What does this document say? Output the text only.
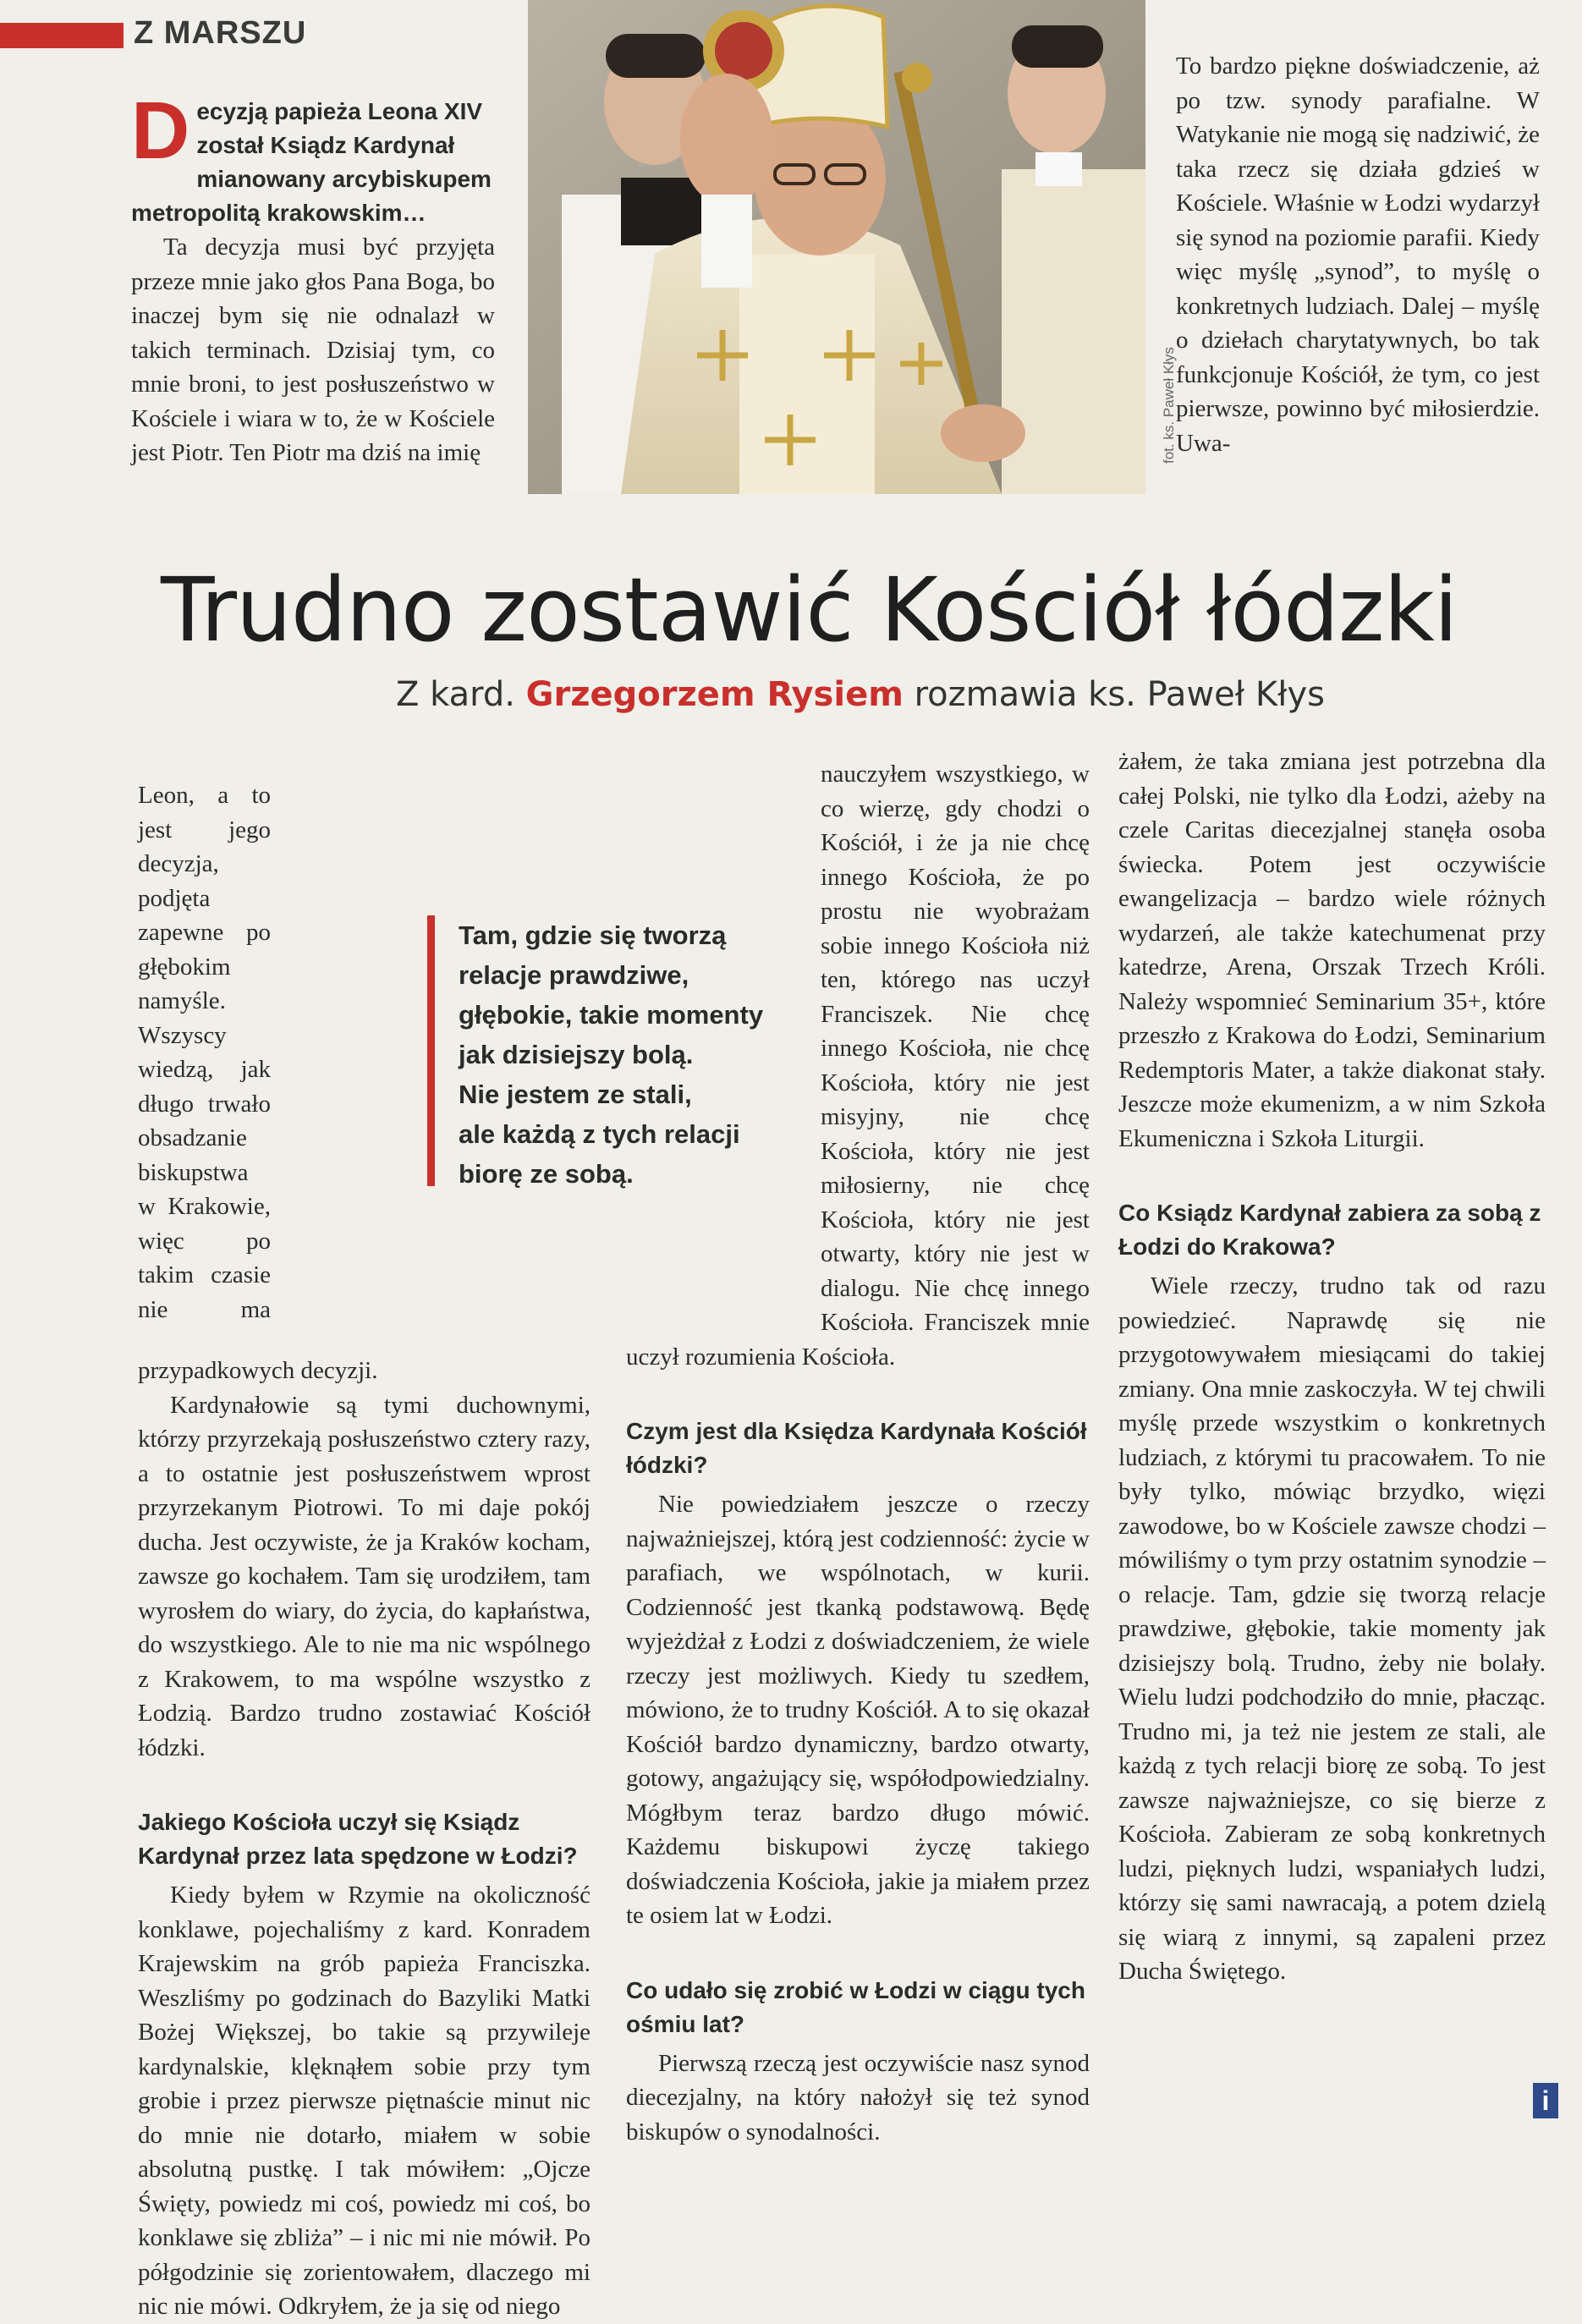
Z MARSZU
Decyzją papieża Leona XIV został Ksiądz Kardynał mianowany arcybiskupem metropolitą krakowskim…

Ta decyzja musi być przyjęta przeze mnie jako głos Pana Boga, bo inaczej bym się nie odnalazł w takich terminach. Dzisiaj tym, co mnie broni, to jest posłuszeństwo w Kościele i wiara w to, że w Kościele jest Piotr. Ten Piotr ma dziś na imię	fot. ks. Paweł Kłys

To bardzo piękne doświadczenie, aż po tzw. synody parafialne. W Watykanie nie mogą się nadziwić, że taka rzecz się działa gdzieś w Kościele. Właśnie w Łodzi wydarzył się synod na poziomie parafii. Kiedy więc myślę „synod”, to myślę o konkretnych ludziach. Dalej – myślę o dziełach charytatywnych, bo tak funkcjonuje Kościół, że tym, co jest pierwsze, powinno być miłosierdzie. Uwa-

Trudno zostawić Kościół łódzki
Z kard. Grzegorzem Rysiem rozmawia ks. Paweł Kłys
Tam, gdzie się tworzą
relacje prawdziwe,
głębokie, takie momenty
jak dzisiejszy bolą.
Nie jestem ze stali,
ale każdą z tych relacji
biorę ze sobą.

Leon, a to jest jego decyzja, podjęta zapewne po głębokim namyśle. Wszyscy wiedzą, jak długo trwało obsadzanie biskupstwa w Krakowie, więc po takim czasie nie ma przypadkowych decyzji.

Kardynałowie są tymi duchownymi, którzy przyrzekają posłuszeństwo cztery razy, a to ostatnie jest posłuszeństwem wprost przyrzekanym Piotrowi. To mi daje pokój ducha. Jest oczywiste, że ja Kraków kocham, zawsze go kochałem. Tam się urodziłem, tam wyrosłem do wiary, do życia, do kapłaństwa, do wszystkiego. Ale to nie ma nic wspólnego z Krakowem, to ma wspólne wszystko z Łodzią. Bardzo trudno zostawiać Kościół łódzki.

Jakiego Kościoła uczył się Ksiądz Kardynał przez lata spędzone w Łodzi?

Kiedy byłem w Rzymie na okoliczność konklawe, pojechaliśmy z kard. Konradem Krajewskim na grób papieża Franciszka. Weszliśmy po godzinach do Bazyliki Matki Bożej Większej, bo takie są przywileje kardynalskie, klęknąłem sobie przy tym grobie i przez pierwsze piętnaście minut nic do mnie nie dotarło, miałem w sobie absolutną pustkę. I tak mówiłem: „Ojcze Święty, powiedz mi coś, powiedz mi coś, bo konklawe się zbliża” – i nic mi nie mówił. Po półgodzinie się zorientowałem, dlaczego mi nic nie mówi. Odkryłem, że ja się od niego

nauczyłem wszystkiego, w co wierzę, gdy chodzi o Kościół, i że ja nie chcę innego Kościoła, że po prostu nie wyobrażam sobie innego Kościoła niż ten, którego nas uczył Franciszek. Nie chcę innego Kościoła, nie chcę Kościoła, który nie jest misyjny, nie chcę Kościoła, który nie jest miłosierny, nie chcę Kościoła, który nie jest otwarty, który nie jest w dialogu. Nie chcę innego Kościoła. Franciszek mnie uczył rozumienia Kościoła.

Czym jest dla Księdza Kardynała Kościół łódzki?

Nie powiedziałem jeszcze o rzeczy najważniejszej, którą jest codzienność: życie w parafiach, we wspólnotach, w kurii. Codzienność jest tkanką podstawową. Będę wyjeżdżał z Łodzi z doświadczeniem, że wiele rzeczy jest możliwych. Kiedy tu szedłem, mówiono, że to trudny Kościół. A to się okazał Kościół bardzo dynamiczny, bardzo otwarty, gotowy, angażujący się, współodpowiedzialny. Mógłbym teraz bardzo długo mówić. Każdemu biskupowi życzę takiego doświadczenia Kościoła, jakie ja miałem przez te osiem lat w Łodzi.

Co udało się zrobić w Łodzi w ciągu tych ośmiu lat?

Pierwszą rzeczą jest oczywiście nasz synod diecezjalny, na który nałożył się też synod biskupów o synodalności.

żałem, że taka zmiana jest potrzebna dla całej Polski, nie tylko dla Łodzi, ażeby na czele Caritas diecezjalnej stanęła osoba świecka. Potem jest oczywiście ewangelizacja – bardzo wiele różnych wydarzeń, ale także katechumenat przy katedrze, Arena, Orszak Trzech Króli. Należy wspomnieć Seminarium 35+, które przeszło z Krakowa do Łodzi, Seminarium Redemptoris Mater, a także diakonat stały. Jeszcze może ekumenizm, a w nim Szkoła Ekumeniczna i Szkoła Liturgii.

Co Ksiądz Kardynał zabiera za sobą z Łodzi do Krakowa?

Wiele rzeczy, trudno tak od razu powiedzieć. Naprawdę się nie przygotowywałem miesiącami do takiej zmiany. Ona mnie zaskoczyła. W tej chwili myślę przede wszystkim o konkretnych ludziach, z którymi tu pracowałem. To nie były tylko, mówiąc brzydko, więzi zawodowe, bo w Kościele zawsze chodzi – mówiliśmy o tym przy ostatnim synodzie – o relacje. Tam, gdzie się tworzą relacje prawdziwe, głębokie, takie momenty jak dzisiejszy bolą. Trudno, żeby nie bolały. Wielu ludzi podchodziło do mnie, płacząc. Trudno mi, ja też nie jestem ze stali, ale każdą z tych relacji biorę ze sobą. To jest zawsze najważniejsze, co się bierze z Kościoła. Zabieram ze sobą konkretnych ludzi, pięknych ludzi, wspaniałych ludzi, którzy się sami nawracają, a potem dzielą się wiarą z innymi, są zapaleni przez Ducha Świętego.

i
